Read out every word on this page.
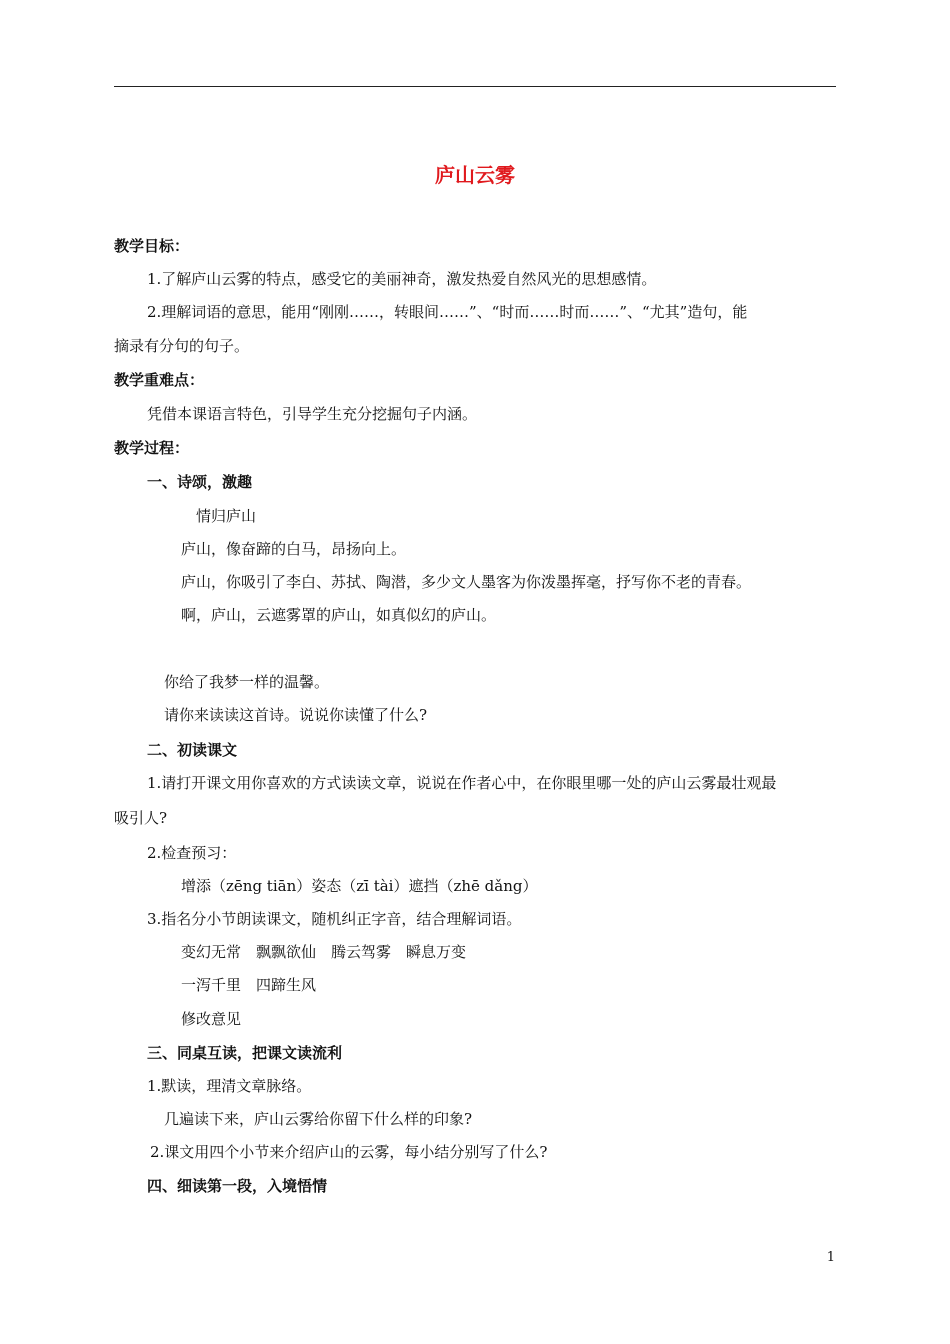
庐山云雾
教学目标：
1.了解庐山云雾的特点，感受它的美丽神奇，激发热爱自然风光的思想感情。
2.理解词语的意思，能用“刚刚……，转眼间……”、“时而……时而……”、“尤其”造句，能
摘录有分句的句子。
教学重难点：
凭借本课语言特色，引导学生充分挖掘句子内涵。
教学过程：
一、诗颂，激趣
情归庐山
庐山，像奋蹄的白马，昂扬向上。
庐山，你吸引了李白、苏拭、陶潜，多少文人墨客为你泼墨挥毫，抒写你不老的青春。
啊，庐山，云遮雾罩的庐山，如真似幻的庐山。
你给了我梦一样的温馨。
请你来读读这首诗。说说你读懂了什么?
二、初读课文
1.请打开课文用你喜欢的方式读读文章，说说在作者心中，在你眼里哪一处的庐山云雾最壮观最
吸引人?
2.检查预习：
增添（zēng tiān）姿态（zī tài）遮挡（zhē dǎng）
3.指名分小节朗读课文，随机纠正字音，结合理解词语。
变幻无常　飘飘欲仙　腾云驾雾　瞬息万变
一泻千里　四蹄生风
修改意见
三、同桌互读，把课文读流利
1.默读，理清文章脉络。
几遍读下来，庐山云雾给你留下什么样的印象?
2.课文用四个小节来介绍庐山的云雾，每小结分别写了什么?
四、细读第一段，入境悟情
1
